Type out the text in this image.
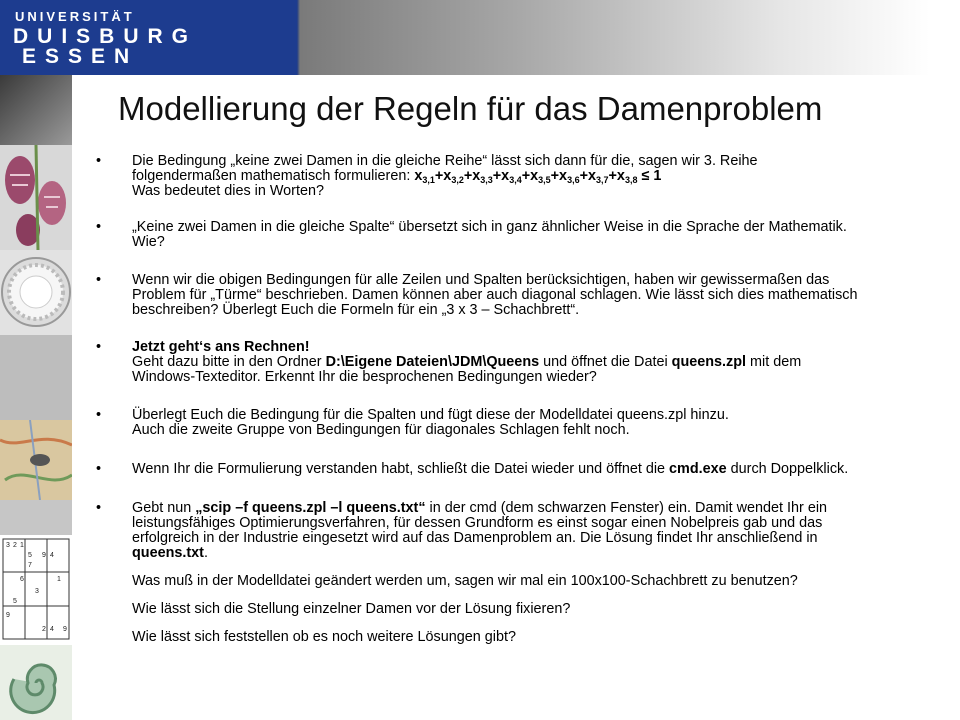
UNIVERSITÄT
DUISBURG
ESSEN
3 2 1
5 9 4
7
6	1
3
5
9
2 4 9
Modellierung der Regeln für das Damenproblem
• Die Bedingung „keine zwei Damen in die gleiche Reihe“ lässt sich dann für die, sagen wir 3. Reihe
folgendermaßen mathematisch formulieren: $x_{3,1}+x_{3,2}+x_{3,3}+x_{3,4}+x_{3,5}+x_{3,6}+x_{3,7}+x_{3,8} \le 1$
Was bedeutet dies in Worten?
• „Keine zwei Damen in die gleiche Spalte“ übersetzt sich in ganz ähnlicher Weise in die Sprache der Mathematik.
Wie?
• Wenn wir die obigen Bedingungen für alle Zeilen und Spalten berücksichtigen, haben wir gewissermaßen das
Problem für „Türme“ beschrieben. Damen können aber auch diagonal schlagen. Wie lässt sich dies mathematisch
beschreiben? Überlegt Euch die Formeln für ein „3 x 3 – Schachbrett“.
• Jetzt geht‘s ans Rechnen!
Geht dazu bitte in den Ordner D:\Eigene Dateien\JDM\Queens und öffnet die Datei queens.zpl mit dem
Windows-Texteditor. Erkennt Ihr die besprochenen Bedingungen wieder?
• Überlegt Euch die Bedingung für die Spalten und fügt diese der Modelldatei queens.zpl hinzu.
Auch die zweite Gruppe von Bedingungen für diagonales Schlagen fehlt noch.
• Wenn Ihr die Formulierung verstanden habt, schließt die Datei wieder und öffnet die cmd.exe durch Doppelklick.
• Gebt nun „scip –f queens.zpl –l queens.txt“ in der cmd (dem schwarzen Fenster) ein. Damit wendet Ihr ein
leistungsfähiges Optimierungsverfahren, für dessen Grundform es einst sogar einen Nobelpreis gab und das
erfolgreich in der Industrie eingesetzt wird auf das Damenproblem an. Die Lösung findet Ihr anschließend in
queens.txt.
Was muß in der Modelldatei geändert werden um, sagen wir mal ein 100x100-Schachbrett zu benutzen?
Wie lässt sich die Stellung einzelner Damen vor der Lösung fixieren?
Wie lässt sich feststellen ob es noch weitere Lösungen gibt?
